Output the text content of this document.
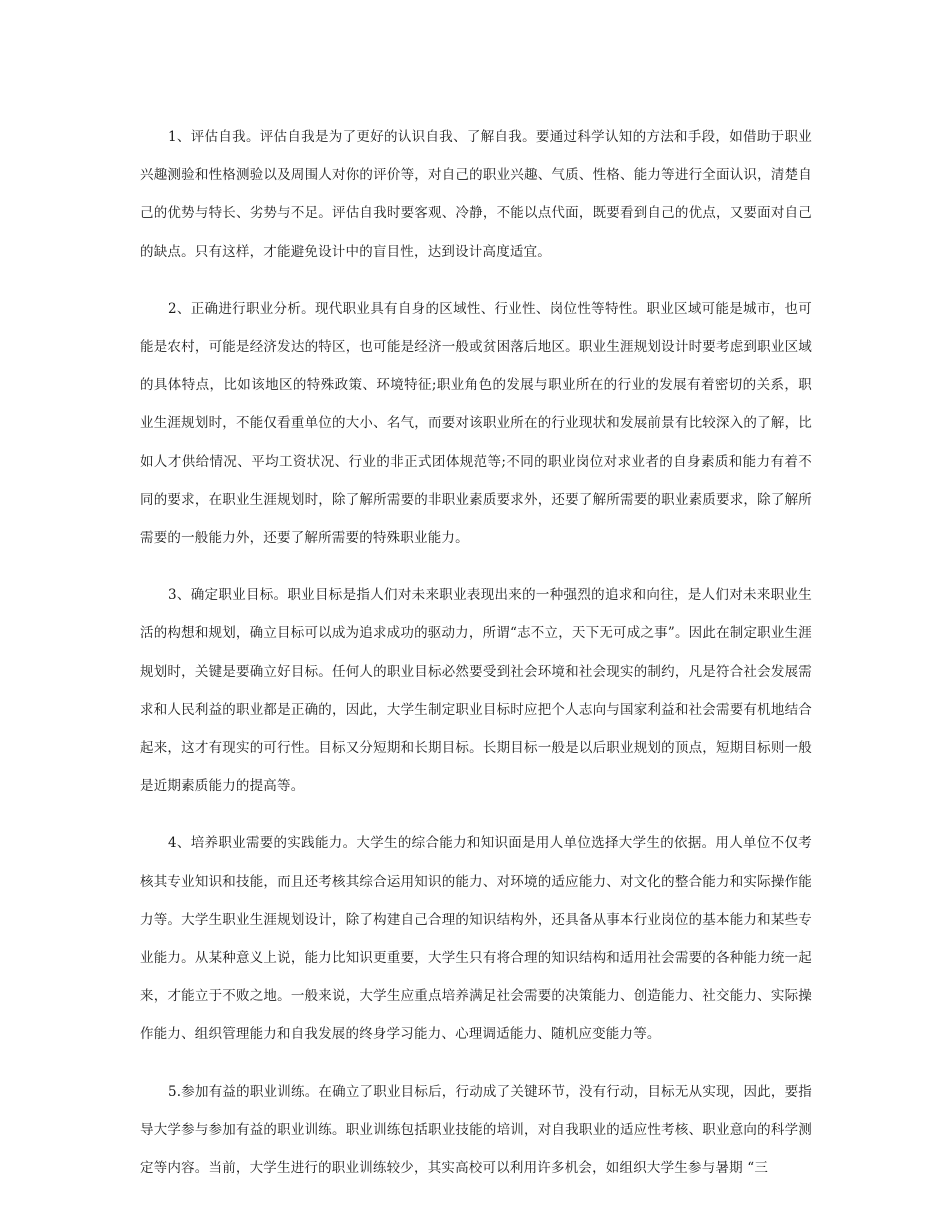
1、评估自我。评估自我是为了更好的认识自我、了解自我。要通过科学认知的方法和手段，如借助于职业兴趣测验和性格测验以及周围人对你的评价等，对自己的职业兴趣、气质、性格、能力等进行全面认识，清楚自己的优势与特长、劣势与不足。评估自我时要客观、冷静，不能以点代面，既要看到自己的优点，又要面对自己的缺点。只有这样，才能避免设计中的盲目性，达到设计高度适宜。

2、正确进行职业分析。现代职业具有自身的区域性、行业性、岗位性等特性。职业区域可能是城市，也可能是农村，可能是经济发达的特区，也可能是经济一般或贫困落后地区。职业生涯规划设计时要考虑到职业区域的具体特点，比如该地区的特殊政策、环境特征;职业角色的发展与职业所在的行业的发展有着密切的关系，职业生涯规划时，不能仅看重单位的大小、名气，而要对该职业所在的行业现状和发展前景有比较深入的了解，比如人才供给情况、平均工资状况、行业的非正式团体规范等;不同的职业岗位对求业者的自身素质和能力有着不同的要求，在职业生涯规划时，除了解所需要的非职业素质要求外，还要了解所需要的职业素质要求，除了解所需要的一般能力外，还要了解所需要的特殊职业能力。

3、确定职业目标。职业目标是指人们对未来职业表现出来的一种强烈的追求和向往，是人们对未来职业生活的构想和规划，确立目标可以成为追求成功的驱动力，所谓“志不立，天下无可成之事”。因此在制定职业生涯规划时，关键是要确立好目标。任何人的职业目标必然要受到社会环境和社会现实的制约，凡是符合社会发展需求和人民利益的职业都是正确的，因此，大学生制定职业目标时应把个人志向与国家利益和社会需要有机地结合起来，这才有现实的可行性。目标又分短期和长期目标。长期目标一般是以后职业规划的顶点，短期目标则一般是近期素质能力的提高等。

4、培养职业需要的实践能力。大学生的综合能力和知识面是用人单位选择大学生的依据。用人单位不仅考核其专业知识和技能，而且还考核其综合运用知识的能力、对环境的适应能力、对文化的整合能力和实际操作能力等。大学生职业生涯规划设计，除了构建自己合理的知识结构外，还具备从事本行业岗位的基本能力和某些专业能力。从某种意义上说，能力比知识更重要，大学生只有将合理的知识结构和适用社会需要的各种能力统一起来，才能立于不败之地。一般来说，大学生应重点培养满足社会需要的决策能力、创造能力、社交能力、实际操作能力、组织管理能力和自我发展的终身学习能力、心理调适能力、随机应变能力等。

5.参加有益的职业训练。在确立了职业目标后，行动成了关键环节，没有行动，目标无从实现，因此，要指导大学参与参加有益的职业训练。职业训练包括职业技能的培训，对自我职业的适应性考核、职业意向的科学测定等内容。当前，大学生进行的职业训练较少，其实高校可以利用许多机会，如组织大学生参与暑期 “三
